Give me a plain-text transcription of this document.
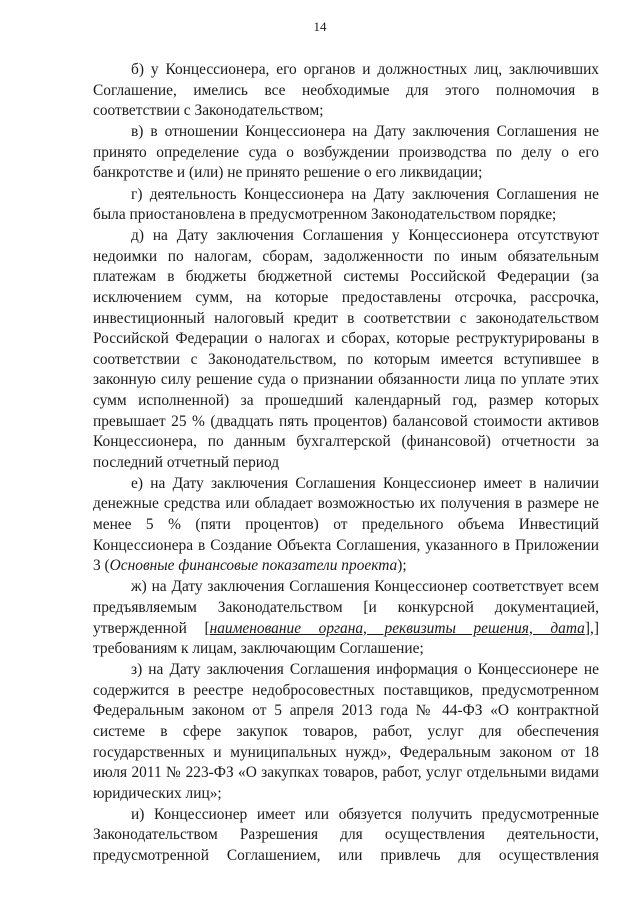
14

б) у Концессионера, его органов и должностных лиц, заключивших Соглашение, имелись все необходимые для этого полномочия в соответствии с Законодательством;

в) в отношении Концессионера на Дату заключения Соглашения не принято определение суда о возбуждении производства по делу о его банкротстве и (или) не принято решение о его ликвидации;

г) деятельность Концессионера на Дату заключения Соглашения не была приостановлена в предусмотренном Законодательством порядке;

д) на Дату заключения Соглашения у Концессионера отсутствуют недоимки по налогам, сборам, задолженности по иным обязательным платежам в бюджеты бюджетной системы Российской Федерации (за исключением сумм, на которые предоставлены отсрочка, рассрочка, инвестиционный налоговый кредит в соответствии с законодательством Российской Федерации о налогах и сборах, которые реструктурированы в соответствии с Законодательством, по которым имеется вступившее в законную силу решение суда о признании обязанности лица по уплате этих сумм исполненной) за прошедший календарный год, размер которых превышает 25 % (двадцать пять процентов) балансовой стоимости активов Концессионера, по данным бухгалтерской (финансовой) отчетности за последний отчетный период

е) на Дату заключения Соглашения Концессионер имеет в наличии денежные средства или обладает возможностью их получения в размере не менее 5 % (пяти процентов) от предельного объема Инвестиций Концессионера в Создание Объекта Соглашения, указанного в Приложении 3 (Основные финансовые показатели проекта);

ж) на Дату заключения Соглашения Концессионер соответствует всем предъявляемым Законодательством [и конкурсной документацией, утвержденной [наименование органа, реквизиты решения, дата],] требованиям к лицам, заключающим Соглашение;

з) на Дату заключения Соглашения информация о Концессионере не содержится в реестре недобросовестных поставщиков, предусмотренном Федеральным законом от 5 апреля 2013 года № 44-ФЗ «О контрактной системе в сфере закупок товаров, работ, услуг для обеспечения государственных и муниципальных нужд», Федеральным законом от 18 июля 2011 № 223-ФЗ «О закупках товаров, работ, услуг отдельными видами юридических лиц»;

и) Концессионер имеет или обязуется получить предусмотренные Законодательством Разрешения для осуществления деятельности, предусмотренной Соглашением, или привлечь для осуществления
